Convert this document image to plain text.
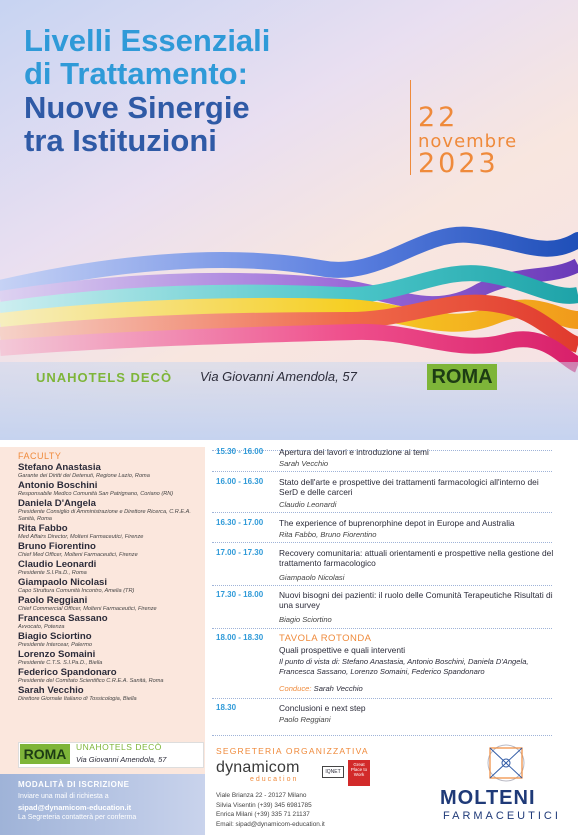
Livelli Essenziali
di Trattamento:
Nuove Sinergie
tra Istituzioni
22
novembre
2023
UNAHOTELS DECÒ Via Giovanni Amendola, 57	ROMA
FACULTY
Stefano Anastasia
Garante dei Diritti dei Detenuti, Regione Lazio, Roma
Antonio Boschini
Responsabile Medico Comunità San Patrignano, Coriano (RN)
Daniela D'Angela
Presidente Consiglio di Amministrazione e Direttore Ricerca, C.R.E.A. Sanità, Roma
Rita Fabbo
Med Affairs Director, Molteni Farmaceutici, Firenze
Bruno Fiorentino
Chief Med Officer, Molteni Farmaceutici, Firenze
Claudio Leonardi
Presidente S.I.Pa.D., Roma
Giampaolo Nicolasi
Capo Struttura Comunità Incontro, Amelia (TR)
Paolo Reggiani
Chief Commercial Officer, Molteni Farmaceutici, Firenze
Francesca Sassano
Avvocato, Potenza
Biagio Sciortino
Presidente Intercear, Palermo
Lorenzo Somaini
Presidente C.T.S. S.I.Pa.D., Biella
Federico Spandonaro
Presidente del Comitato Scientifico C.R.E.A. Sanità, Roma
Sarah Vecchio
Direttore Giornale Italiano di Tossicologia, Biella
ROMA	UNAHOTELS DECÒ
Via Giovanni Amendola, 57
MODALITÀ DI ISCRIZIONE
Inviare una mail di richiesta a
sipad@dynamicom-education.it
La Segreteria contatterà per conferma
15.30 - 16.00 Apertura dei lavori e introduzione ai temi
Sarah Vecchio
16.00 - 16.30 Stato dell'arte e prospettive dei trattamenti farmacologici all'interno dei SerD e delle carceri
Claudio Leonardi
16.30 - 17.00 The experience of buprenorphine depot in Europe and Australia
Rita Fabbo, Bruno Fiorentino
17.00 - 17.30 Recovery comunitaria: attuali orientamenti e prospettive nella gestione del trattamento farmacologico
Giampaolo Nicolasi
17.30 - 18.00 Nuovi bisogni dei pazienti: il ruolo delle Comunità Terapeutiche Risultati di una survey
Biagio Sciortino
18.00 - 18.30 TAVOLA ROTONDA
Quali prospettive e quali interventi
Il punto di vista di: Stefano Anastasia, Antonio Boschini, Daniela D'Angela, Francesca Sassano, Lorenzo Somaini, Federico Spandonaro
Conduce: Sarah Vecchio
18.30	Conclusioni e next step
Paolo Reggiani
SEGRETERIA ORGANIZZATIVA
dynamicom
education
IQNET
Great Place to Work
Viale Brianza 22 - 20127 Milano
Silvia Visentin (+39) 345 6981785
Enrica Milani (+39) 335 71 21137
Email: sipad@dynamicom-education.it
MOLTENI
FARMACEUTICI
